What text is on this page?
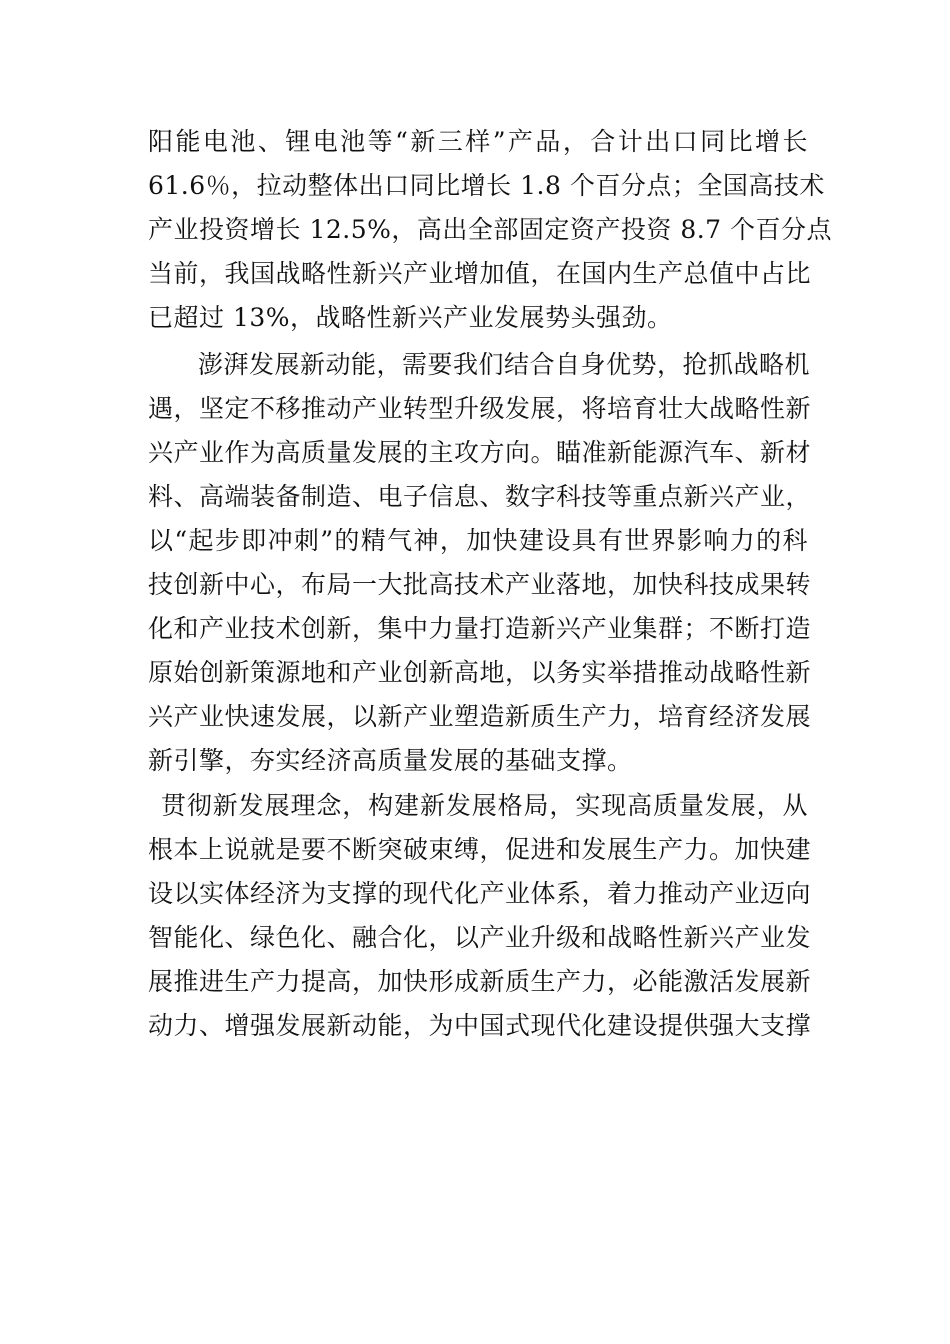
阳能电池、锂电池等“新三样”产品，合计出口同比增长
61.6％，拉动整体出口同比增长 1.8 个百分点；全国高技术
产业投资增长 12.5%，高出全部固定资产投资 8.7 个百分点
当前，我国战略性新兴产业增加值，在国内生产总值中占比
已超过 13%，战略性新兴产业发展势头强劲。
澎湃发展新动能，需要我们结合自身优势，抢抓战略机
遇，坚定不移推动产业转型升级发展，将培育壮大战略性新
兴产业作为高质量发展的主攻方向。瞄准新能源汽车、新材
料、高端装备制造、电子信息、数字科技等重点新兴产业，
以“起步即冲刺”的精气神，加快建设具有世界影响力的科
技创新中心，布局一大批高技术产业落地，加快科技成果转
化和产业技术创新，集中力量打造新兴产业集群；不断打造
原始创新策源地和产业创新高地，以务实举措推动战略性新
兴产业快速发展，以新产业塑造新质生产力，培育经济发展
新引擎，夯实经济高质量发展的基础支撑。
贯彻新发展理念，构建新发展格局，实现高质量发展，从
根本上说就是要不断突破束缚，促进和发展生产力。加快建
设以实体经济为支撑的现代化产业体系，着力推动产业迈向
智能化、绿色化、融合化，以产业升级和战略性新兴产业发
展推进生产力提高，加快形成新质生产力，必能激活发展新
动力、增强发展新动能，为中国式现代化建设提供强大支撑
